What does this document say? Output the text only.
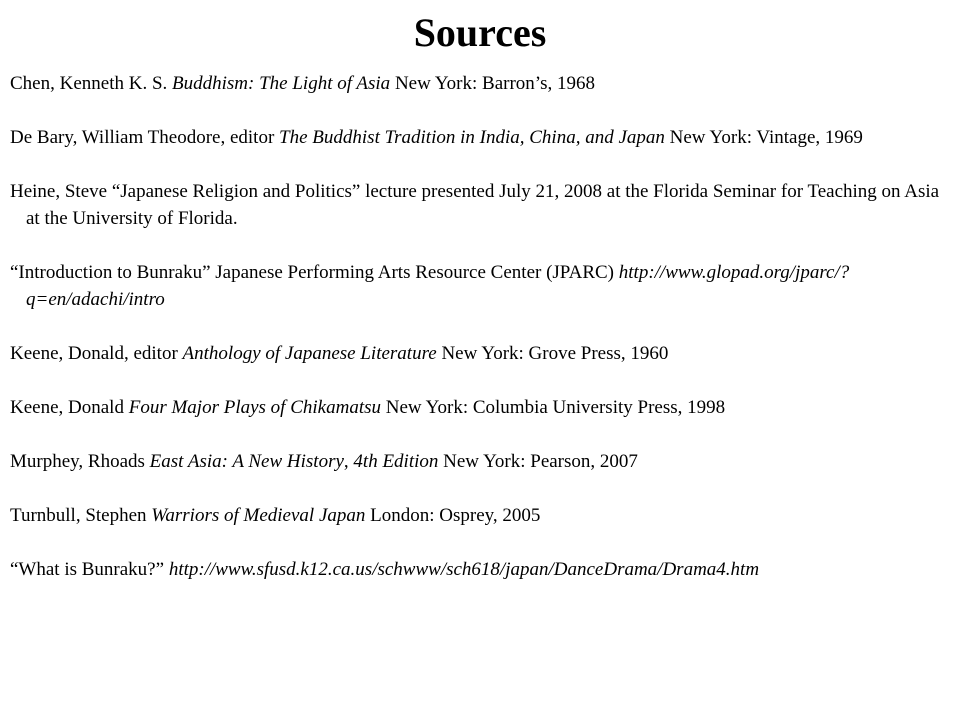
Sources
Chen, Kenneth K. S. Buddhism: The Light of Asia New York: Barron’s, 1968
De Bary, William Theodore, editor The Buddhist Tradition in India, China, and Japan New York: Vintage, 1969
Heine, Steve “Japanese Religion and Politics” lecture presented July 21, 2008 at the Florida Seminar for Teaching on Asia at the University of Florida.
“Introduction to Bunraku” Japanese Performing Arts Resource Center (JPARC) http://www.glopad.org/jparc/?q=en/adachi/intro
Keene, Donald, editor Anthology of Japanese Literature New York: Grove Press, 1960
Keene, Donald Four Major Plays of Chikamatsu New York: Columbia University Press, 1998
Murphey, Rhoads East Asia: A New History, 4th Edition New York: Pearson, 2007
Turnbull, Stephen Warriors of Medieval Japan London: Osprey, 2005
“What is Bunraku?” http://www.sfusd.k12.ca.us/schwww/sch618/japan/DanceDrama/Drama4.htm
